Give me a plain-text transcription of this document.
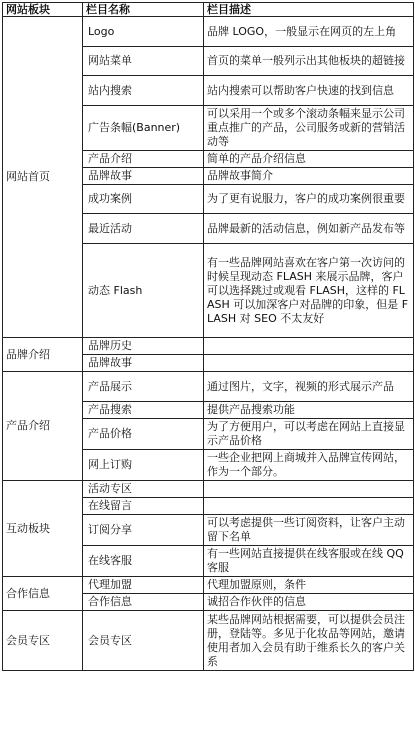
网站板块	栏目名称	栏目描述
网站首页	Logo	品牌 LOGO，一般显示在网页的左上角
	网站菜单	首页的菜单一般列示出其他板块的超链接
	站内搜索	站内搜索可以帮助客户快速的找到信息
	广告条幅(Banner)	可以采用一个或多个滚动条幅来显示公司重点推广的产品，公司服务或新的营销活动等
	产品介绍	简单的产品介绍信息
	品牌故事	品牌故事简介
	成功案例	为了更有说服力，客户的成功案例很重要
	最近活动	品牌最新的活动信息，例如新产品发布等
	动态 Flash	有一些品牌网站喜欢在客户第一次访问的时候呈现动态 FLASH 来展示品牌，客户可以选择跳过或观看 FLASH，这样的 FLASH 可以加深客户对品牌的印象，但是 FLASH 对 SEO 不太友好
品牌介绍	品牌历史	
	品牌故事	
产品介绍	产品展示	通过图片，文字，视频的形式展示产品
	产品搜索	提供产品搜索功能
	产品价格	为了方便用户，可以考虑在网站上直接显示产品价格
	网上订购	一些企业把网上商城并入品牌宣传网站，作为一个部分。
互动板块	活动专区	
	在线留言	
	订阅分享	可以考虑提供一些订阅资料，让客户主动留下名单
	在线客服	有一些网站直接提供在线客服或在线 QQ 客服
合作信息	代理加盟	代理加盟原则，条件
	合作信息	诚招合作伙伴的信息
会员专区	会员专区	某些品牌网站根据需要，可以提供会员注册，登陆等。多见于化妆品等网站，邀请使用者加入会员有助于维系长久的客户关系
